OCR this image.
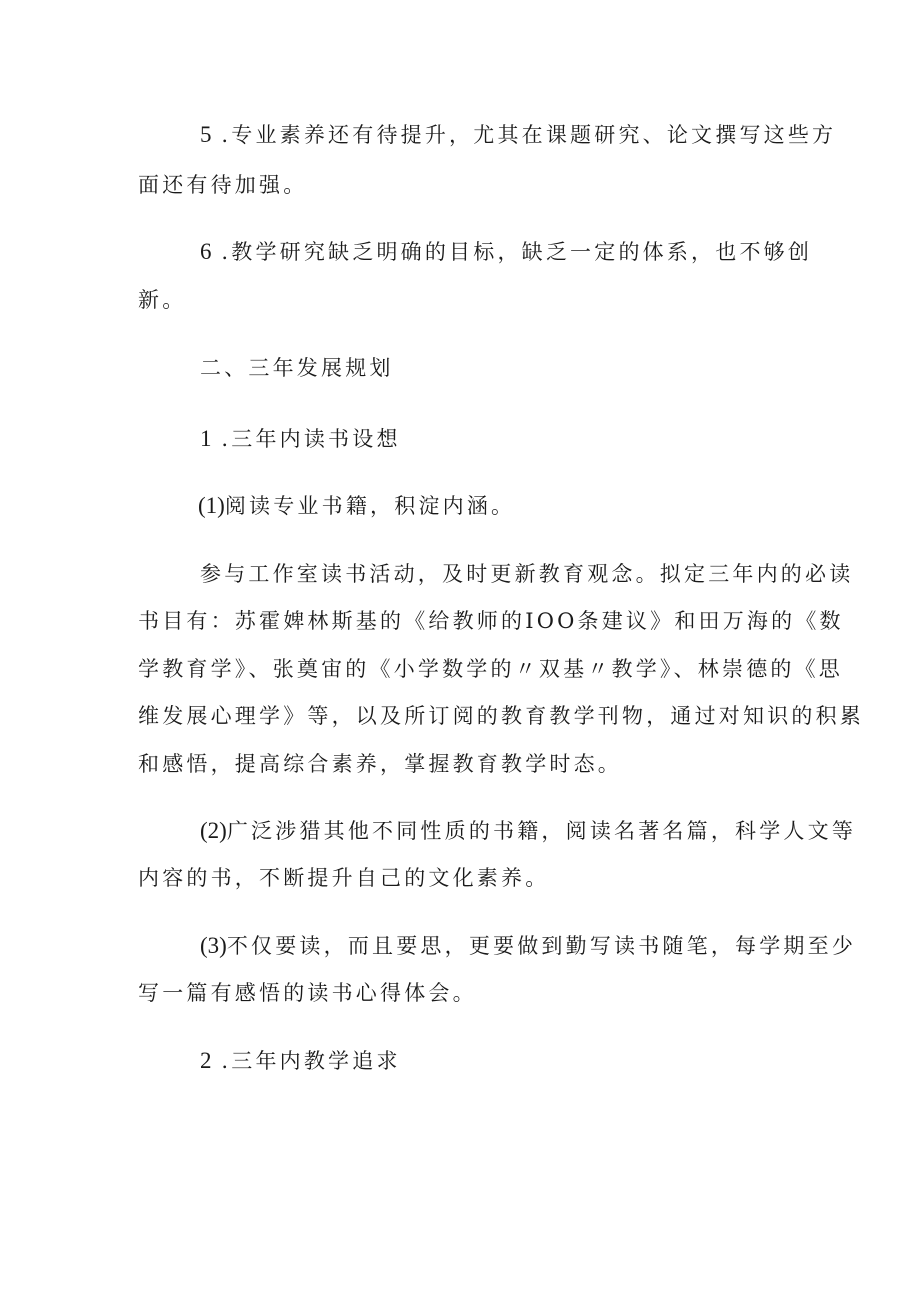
5 .专业素养还有待提升，尤其在课题研究、论文撰写这些方
面还有待加强。
6 .教学研究缺乏明确的目标，缺乏一定的体系，也不够创
新。
二、三年发展规划
1 .三年内读书设想
(1)阅读专业书籍，积淀内涵。
参与工作室读书活动，及时更新教育观念。拟定三年内的必读
书目有：苏霍婢林斯基的《给教师的IOO条建议》和田万海的《数
学教育学》、张奠宙的《小学数学的〃双基〃教学》、林崇德的《思
维发展心理学》等，以及所订阅的教育教学刊物，通过对知识的积累
和感悟，提高综合素养，掌握教育教学时态。
(2)广泛涉猎其他不同性质的书籍，阅读名著名篇，科学人文等
内容的书，不断提升自己的文化素养。
(3)不仅要读，而且要思，更要做到勤写读书随笔，每学期至少
写一篇有感悟的读书心得体会。
2 .三年内教学追求
